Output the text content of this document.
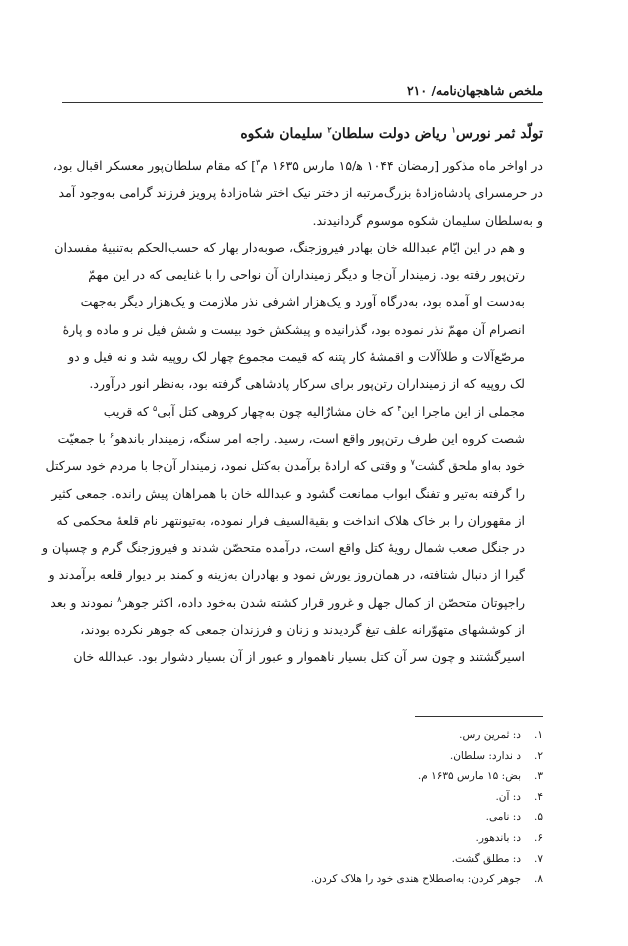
ملخص شاهجهان‌نامه/ ۲۱۰
تولّد ثمر نورس$^۱$ ریاض دولت سلطان$^۲$ سلیمان شکوه

در اواخر ماه مذکور [رمضان ۱۰۴۴ ه‍/۱۵ مارس ۱۶۳۵ م$^۳$] که مقام سلطان‌پور معسکر اقبال بود،
در حرمسرای پادشاه‌زادهٔ بزرگ‌مرتبه از دختر نیک اختر شاه‌زادهٔ پرویز فرزند گرامی به‌وجود آمد
و به‌سلطان سلیمان شکوه موسوم گردانیدند.

و هم در این ایّام عبدالله خان بهادر فیروزجنگ، صوبه‌دار بهار که حسب‌الحکم به‌تنبیهٔ مفسدان
رتن‌پور رفته بود. زمیندار آن‌جا و دیگر زمینداران آن نواحی را با غنایمی که در این مهمّ
به‌دست او آمده بود، به‌درگاه آورد و یک‌هزار اشرفی نذر ملازمت و یک‌هزار دیگر به‌جهت
انصرام آن مهمّ نذر نموده بود، گذرانیده و پیشکش خود بیست و شش فیل نر و ماده و پارهٔ
مرصّع‌آلات و طلاآلات و اقمشهٔ کار پتنه که قیمت مجموع چهار لک روپیه شد و نه فیل و دو
لک روپیه که از زمینداران رتن‌پور برای سرکار پادشاهی گرفته بود، به‌نظر انور درآورد.

مجملی از این ماجرا این$^۴$ که خان مشارٌالیه چون به‌چهار کروهی کتل آبی$^۵$ که قریب
شصت کروه این طرف رتن‌پور واقع است، رسید. راجه امر سنگه، زمیندار باندهو$^۶$ با جمعیّت
خود به‌او ملحق گشت$^۷$ و وقتی که ارادهٔ برآمدن به‌کتل نمود، زمیندار آن‌جا با مردم خود سرکتل
را گرفته به‌تیر و تفنگ ابواب ممانعت گشود و عبدالله خان با همراهان پیش رانده. جمعی کثیر
از مقهوران را بر خاک هلاک انداخت و بقیةالسیف فرار نموده، به‌تیونتهر نام قلعهٔ محکمی که
در جنگل صعب شمال رویهٔ کتل واقع است، درآمده متحصّن شدند و فیروزجنگ گرم و چسپان و
گیرا از دنبال شتافته، در همان‌روز یورش نمود و بهادران به‌زینه و کمند بر دیوار قلعه برآمدند و
راجپوتان متحصّن از کمال جهل و غرور قرار کشته شدن به‌خود داده، اکثر جوهر$^۸$ نمودند و بعد
از کوششهای متهوّرانه علف تیغ گردیدند و زنان و فرزندان جمعی که جوهر نکرده بودند،
اسیرگشتند و چون سر آن کتل بسیار ناهموار و عبور از آن بسیار دشوار بود. عبدالله خان

۱.
د: ثمرین رس.
۲.
د ندارد: سلطان.
۳.
بض: ۱۵ مارس ۱۶۳۵ م.
۴.
د: آن.
۵.
د: نامی.
۶.
د: باندهور.
۷.
د: مطلق گشت.
۸.
جوهر کردن: به‌اصطلاح هندی خود را هلاک کردن.
